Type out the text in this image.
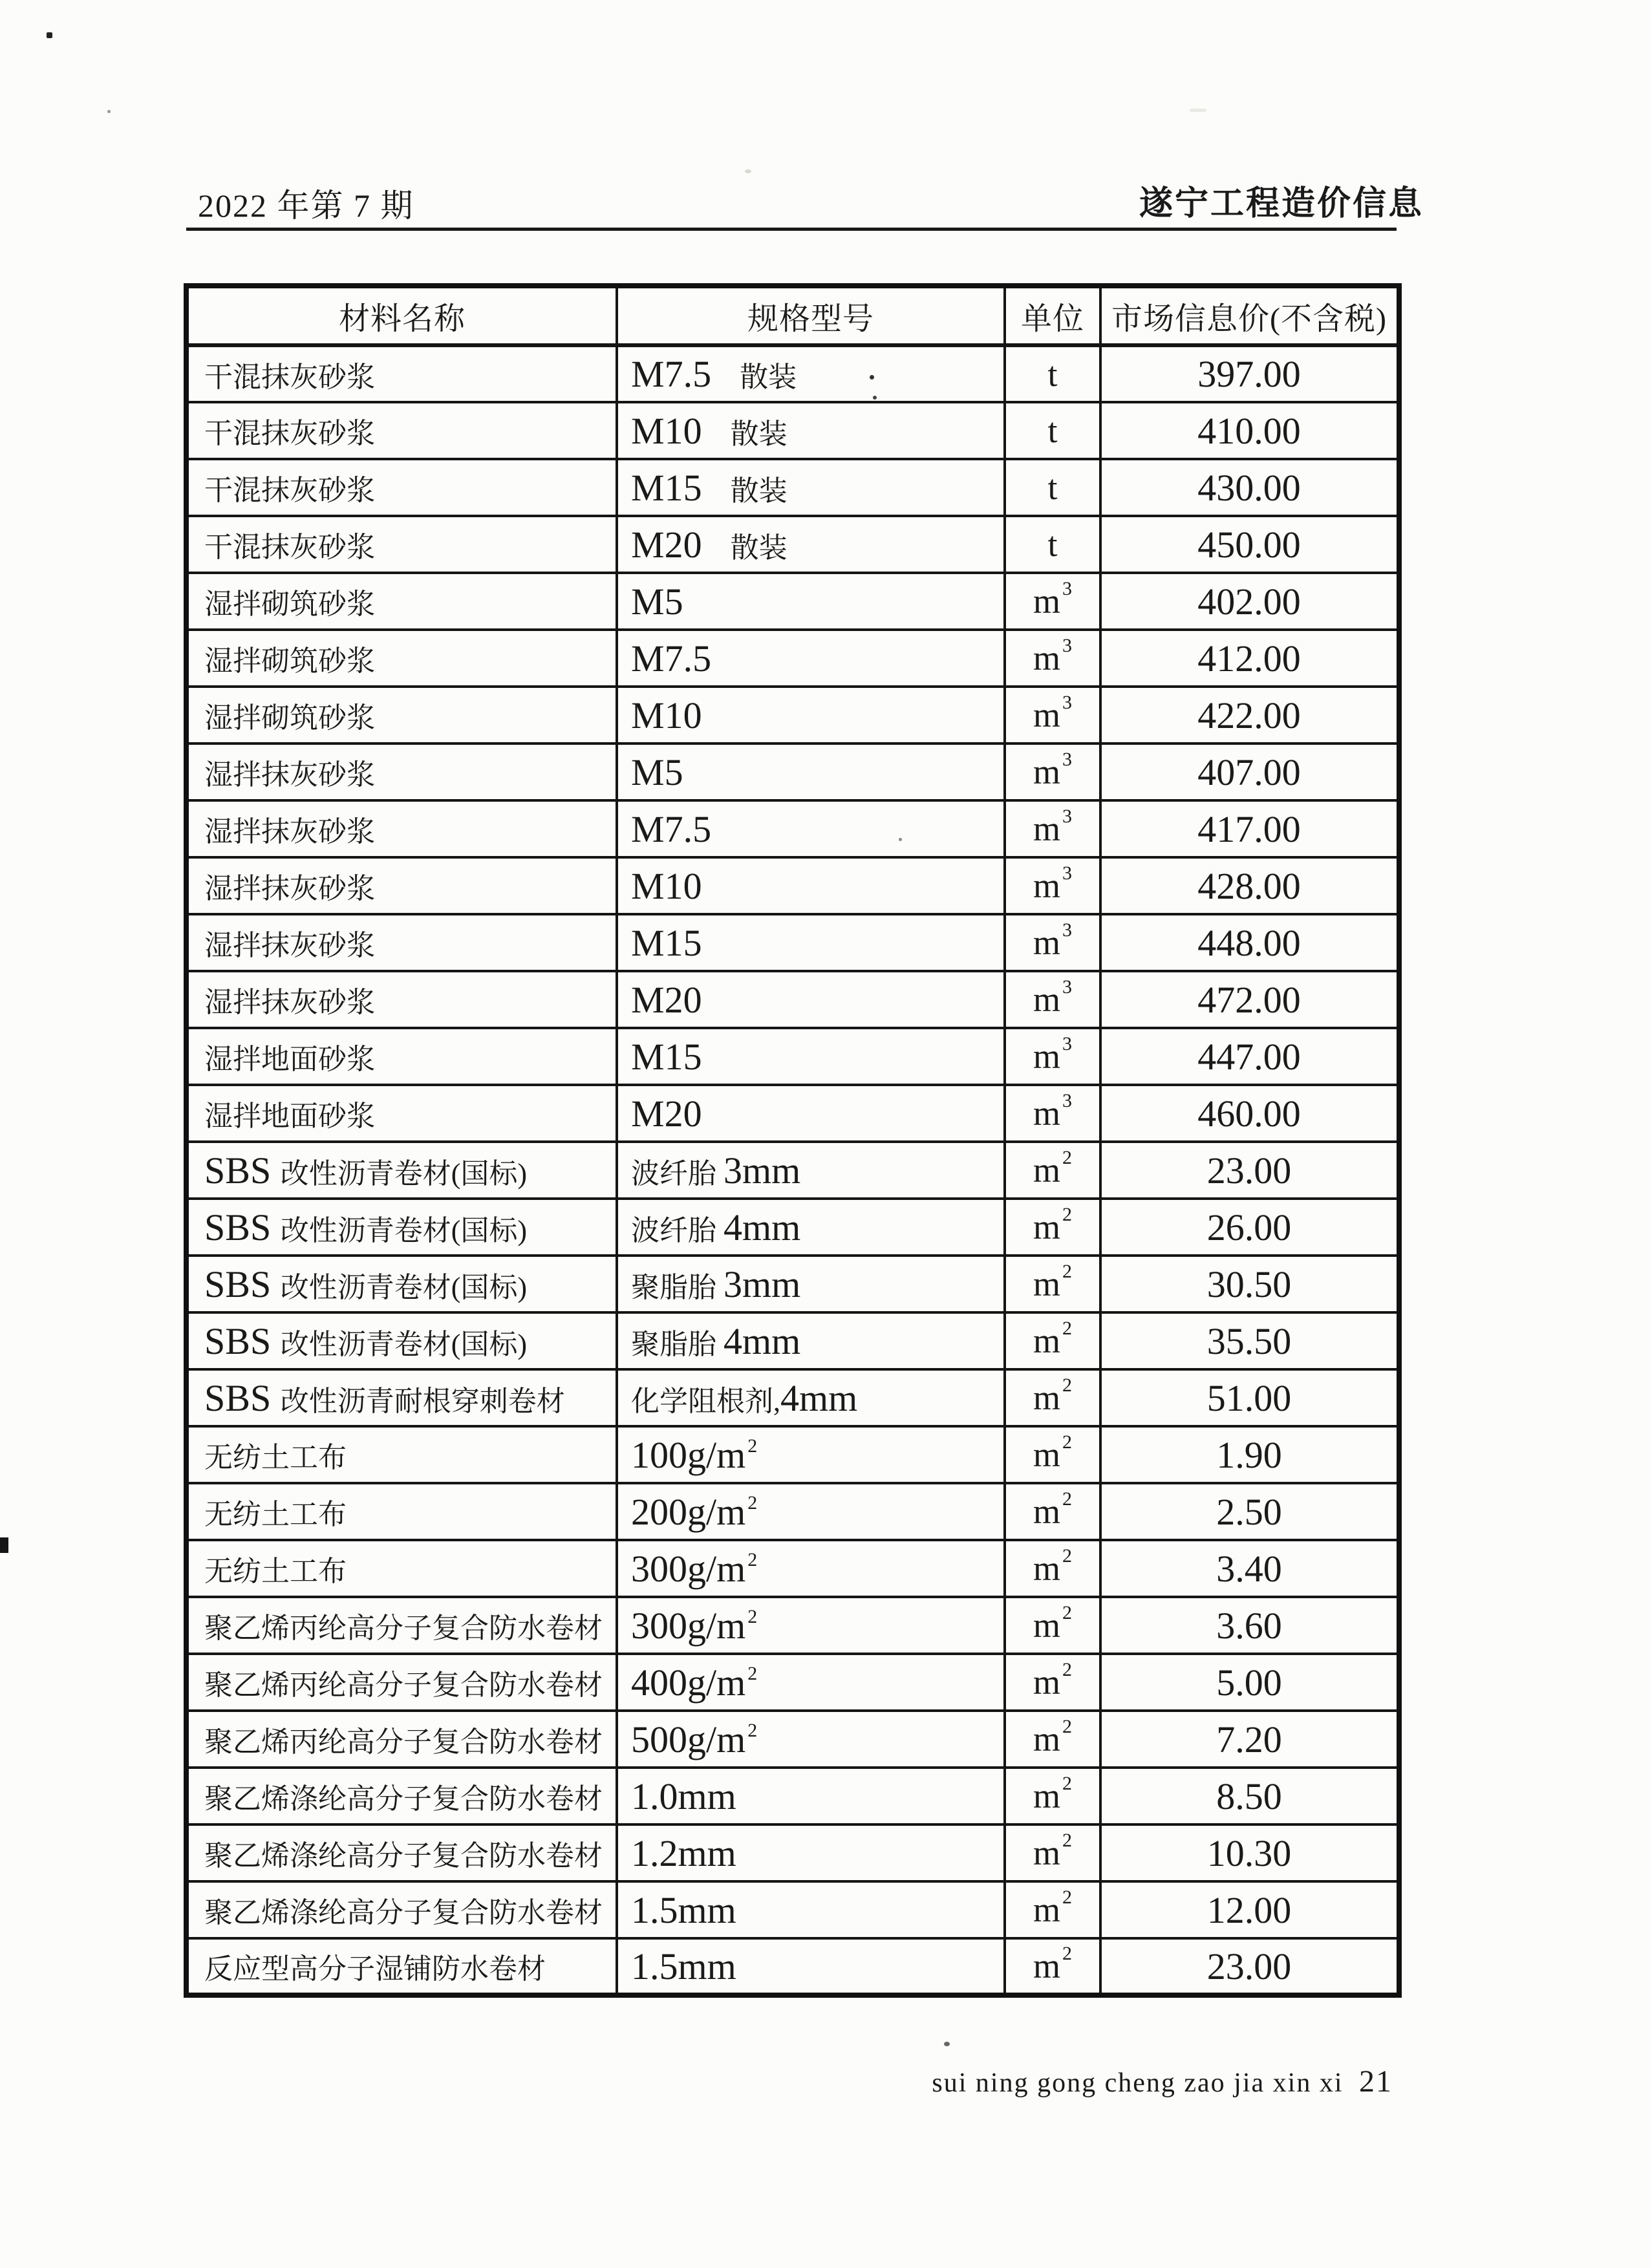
2022 年第 7 期	遂宁工程造价信息
材料名称	规格型号	单位	市场信息价(不含税)
干混抹灰砂浆	M7.5　散装	t	397.00
干混抹灰砂浆	M10　散装	t	410.00
干混抹灰砂浆	M15　散装	t	430.00
干混抹灰砂浆	M20　散装	t	450.00
湿拌砌筑砂浆	M5	m $^3$	402.00
湿拌砌筑砂浆	M7.5	m $^3$	412.00
湿拌砌筑砂浆	M10	m $^3$	422.00
湿拌抹灰砂浆	M5	m $^3$	407.00
湿拌抹灰砂浆	M7.5	m $^3$	417.00
湿拌抹灰砂浆	M10	m $^3$	428.00
湿拌抹灰砂浆	M15	m $^3$	448.00
湿拌抹灰砂浆	M20	m $^3$	472.00
湿拌地面砂浆	M15	m $^3$	447.00
湿拌地面砂浆	M20	m $^3$	460.00
SBS 改性沥青卷材(国标)	波纤胎 3mm	m $^2$	23.00
SBS 改性沥青卷材(国标)	波纤胎 4mm	m $^2$	26.00
SBS 改性沥青卷材(国标)	聚脂胎 3mm	m $^2$	30.50
SBS 改性沥青卷材(国标)	聚脂胎 4mm	m $^2$	35.50
SBS 改性沥青耐根穿刺卷材	化学阻根剂,4mm	m $^2$	51.00
无纺土工布	100g/m $^2$	m $^2$	1.90
无纺土工布	200g/m $^2$	m $^2$	2.50
无纺土工布	300g/m $^2$	m $^2$	3.40
聚乙烯丙纶高分子复合防水卷材	300g/m $^2$	m $^2$	3.60
聚乙烯丙纶高分子复合防水卷材	400g/m $^2$	m $^2$	5.00
聚乙烯丙纶高分子复合防水卷材	500g/m $^2$	m $^2$	7.20
聚乙烯涤纶高分子复合防水卷材	1.0mm	m $^2$	8.50
聚乙烯涤纶高分子复合防水卷材	1.2mm	m $^2$	10.30
聚乙烯涤纶高分子复合防水卷材	1.5mm	m $^2$	12.00
反应型高分子湿铺防水卷材	1.5mm	m $^2$	23.00
sui ning gong cheng zao jia xin xi 21
